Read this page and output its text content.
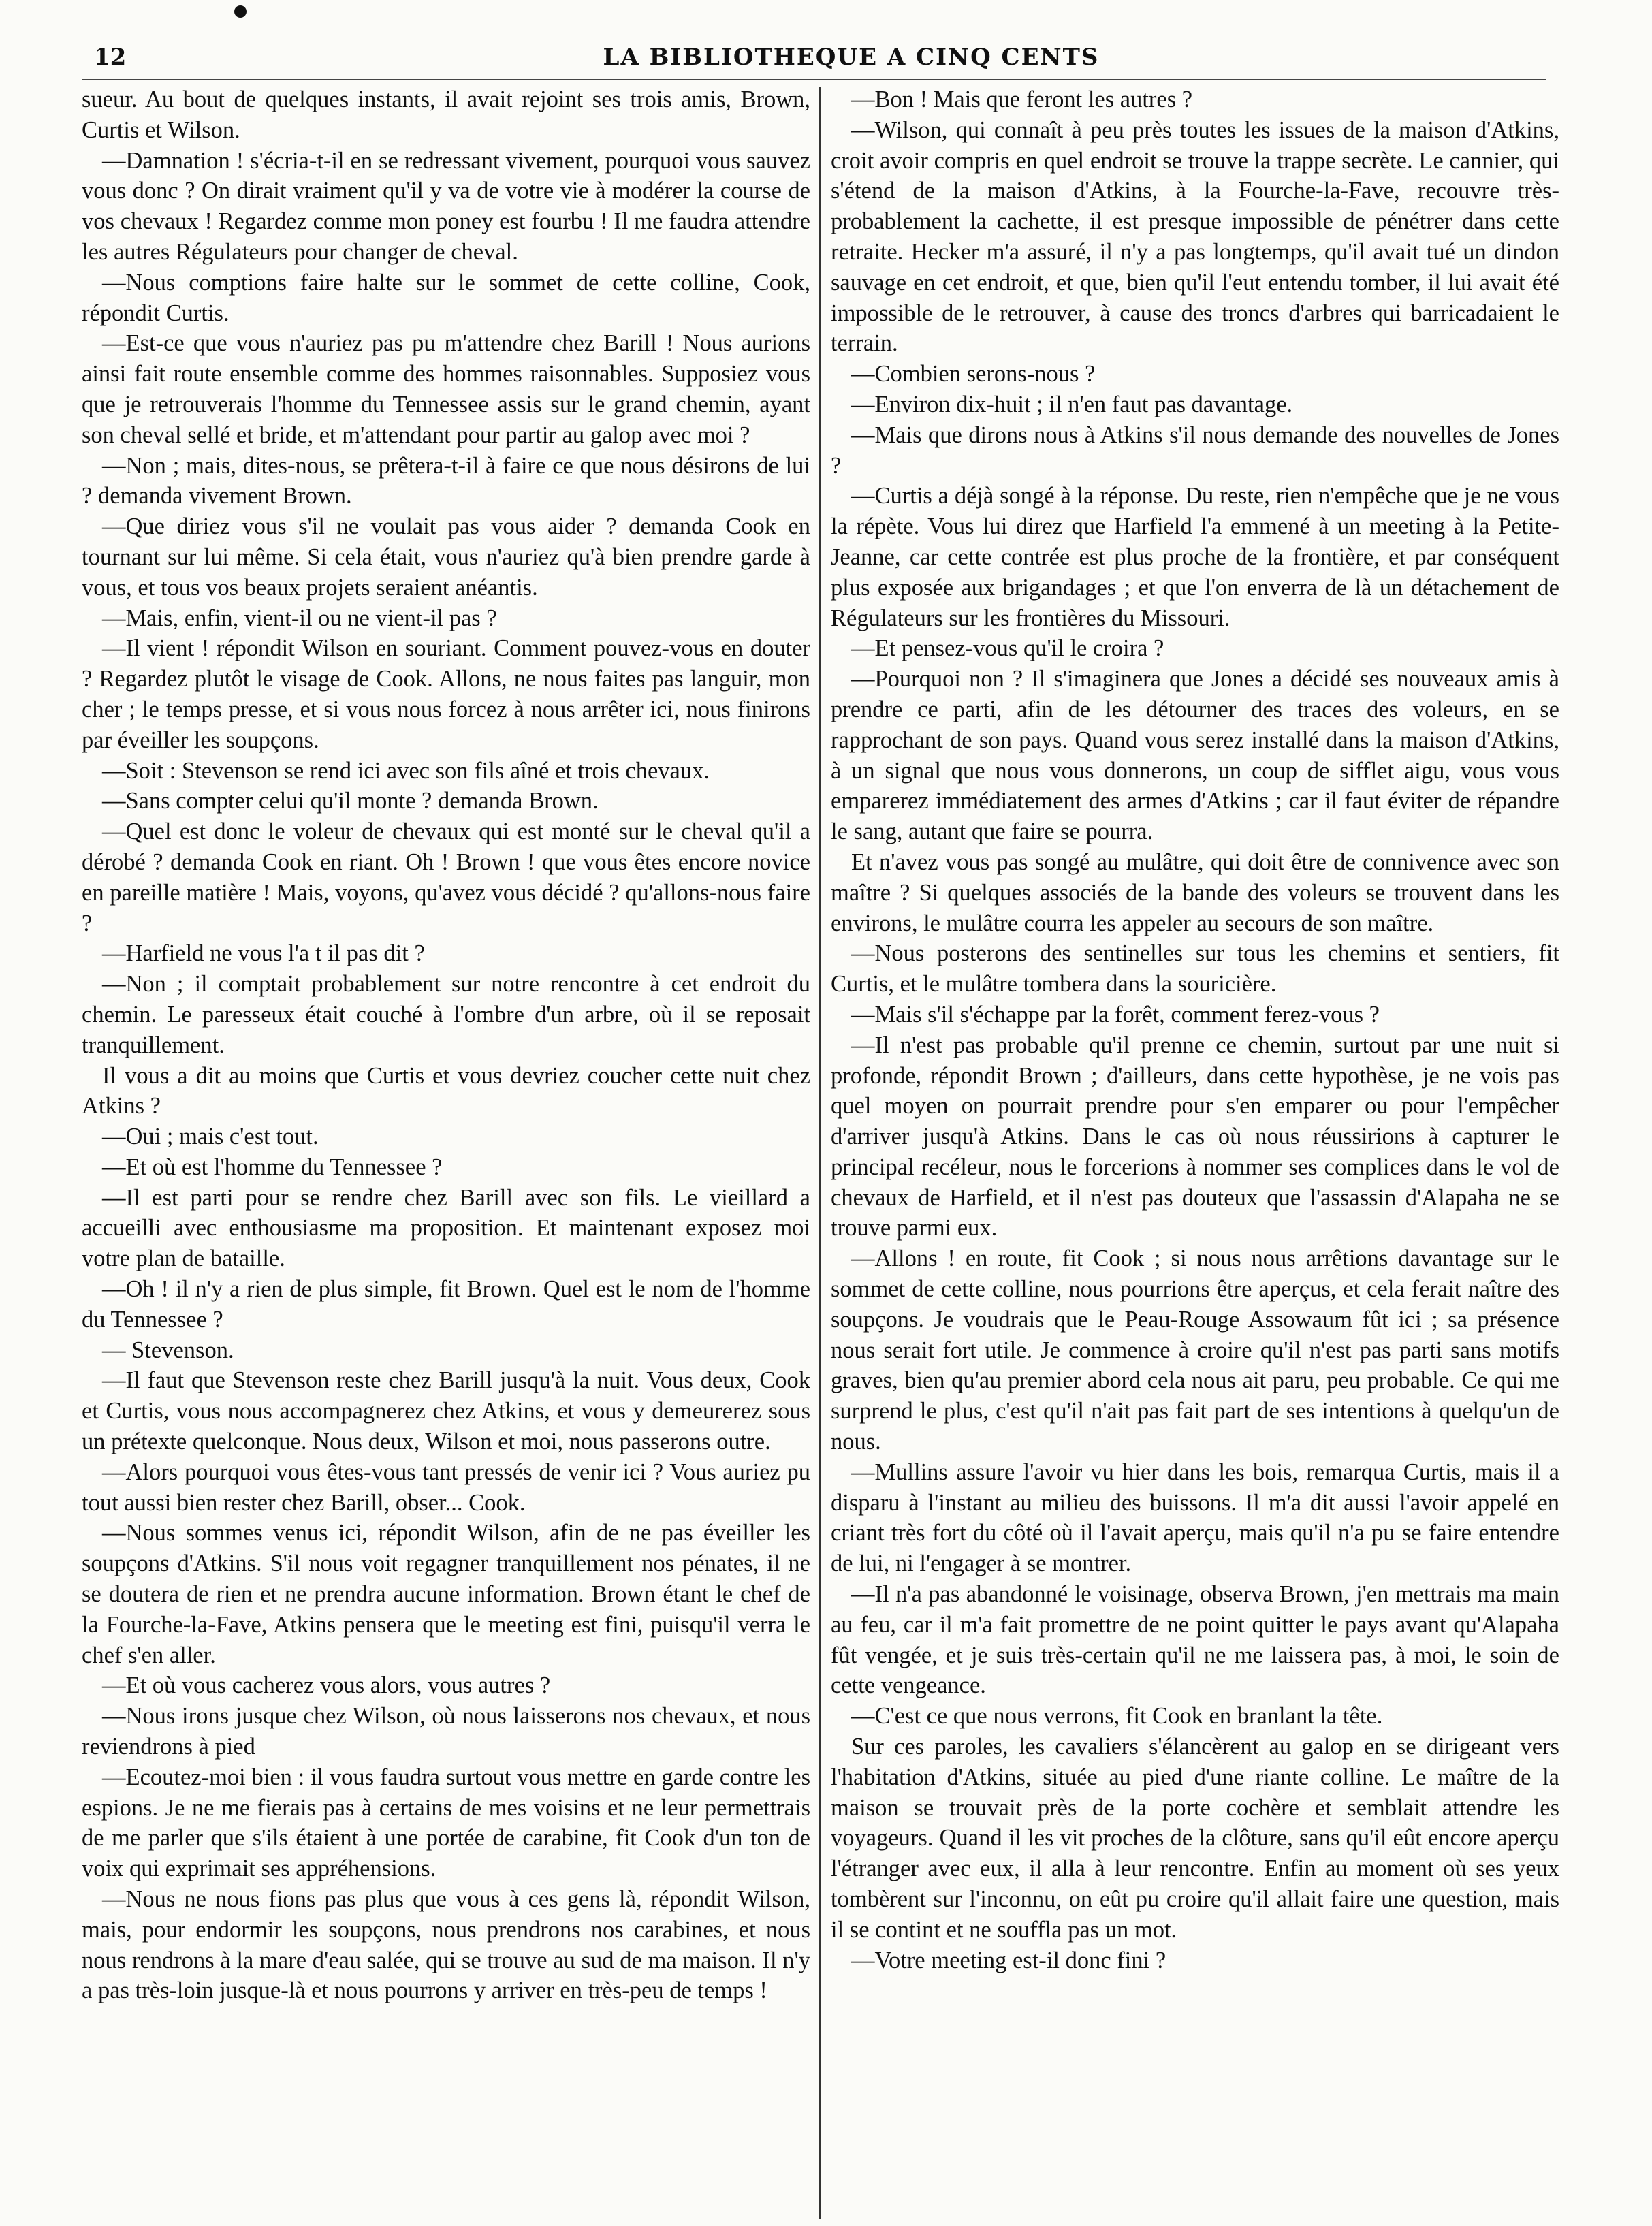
12	LA BIBLIOTHEQUE A CINQ CENTS

sueur. Au bout de quelques instants, il avait rejoint ses trois amis, Brown, Curtis et Wilson.

—Damnation ! s'écria-t-il en se redressant vivement, pourquoi vous sauvez vous donc ? On dirait vraiment qu'il y va de votre vie à modérer la course de vos chevaux ! Regardez comme mon poney est fourbu ! Il me faudra attendre les autres Régulateurs pour changer de cheval.

—Nous comptions faire halte sur le sommet de cette colline, Cook, répondit Curtis.

—Est-ce que vous n'auriez pas pu m'attendre chez Barill ! Nous aurions ainsi fait route ensemble comme des hommes raisonnables. Supposiez vous que je retrouverais l'homme du Tennessee assis sur le grand chemin, ayant son cheval sellé et bride, et m'attendant pour partir au galop avec moi ?

—Non ; mais, dites-nous, se prêtera-t-il à faire ce que nous désirons de lui ? demanda vivement Brown.

—Que diriez vous s'il ne voulait pas vous aider ? demanda Cook en tournant sur lui même. Si cela était, vous n'auriez qu'à bien prendre garde à vous, et tous vos beaux projets seraient anéantis.

—Mais, enfin, vient-il ou ne vient-il pas ?

—Il vient ! répondit Wilson en souriant. Comment pouvez-vous en douter ? Regardez plutôt le visage de Cook. Allons, ne nous faites pas languir, mon cher ; le temps presse, et si vous nous forcez à nous arrêter ici, nous finirons par éveiller les soupçons.

—Soit : Stevenson se rend ici avec son fils aîné et trois chevaux.

—Sans compter celui qu'il monte ? demanda Brown.

—Quel est donc le voleur de chevaux qui est monté sur le cheval qu'il a dérobé ? demanda Cook en riant. Oh ! Brown ! que vous êtes encore novice en pareille matière ! Mais, voyons, qu'avez vous décidé ? qu'allons-nous faire ?

—Harfield ne vous l'a t il pas dit ?

—Non ; il comptait probablement sur notre rencontre à cet endroit du chemin. Le paresseux était couché à l'ombre d'un arbre, où il se reposait tranquillement.

Il vous a dit au moins que Curtis et vous devriez coucher cette nuit chez Atkins ?

—Oui ; mais c'est tout.

—Et où est l'homme du Tennessee ?

—Il est parti pour se rendre chez Barill avec son fils. Le vieillard a accueilli avec enthousiasme ma proposition. Et maintenant exposez moi votre plan de bataille.

—Oh ! il n'y a rien de plus simple, fit Brown. Quel est le nom de l'homme du Tennessee ?

— Stevenson.

—Il faut que Stevenson reste chez Barill jusqu'à la nuit. Vous deux, Cook et Curtis, vous nous accompagnerez chez Atkins, et vous y demeurerez sous un prétexte quelconque. Nous deux, Wilson et moi, nous passerons outre.

—Alors pourquoi vous êtes-vous tant pressés de venir ici ? Vous auriez pu tout aussi bien rester chez Barill, obser... Cook.

—Nous sommes venus ici, répondit Wilson, afin de ne pas éveiller les soupçons d'Atkins. S'il nous voit regagner tranquillement nos pénates, il ne se doutera de rien et ne prendra aucune information. Brown étant le chef de la Fourche-la-Fave, Atkins pensera que le meeting est fini, puisqu'il verra le chef s'en aller.

—Et où vous cacherez vous alors, vous autres ?

—Nous irons jusque chez Wilson, où nous laisserons nos chevaux, et nous reviendrons à pied

—Ecoutez-moi bien : il vous faudra surtout vous mettre en garde contre les espions. Je ne me fierais pas à certains de mes voisins et ne leur permettrais de me parler que s'ils étaient à une portée de carabine, fit Cook d'un ton de voix qui exprimait ses appréhensions.

—Nous ne nous fions pas plus que vous à ces gens là, répondit Wilson, mais, pour endormir les soupçons, nous prendrons nos carabines, et nous nous rendrons à la mare d'eau salée, qui se trouve au sud de ma maison. Il n'y a pas très-loin jusque-là et nous pourrons y arriver en très-peu de temps !

—Bon ! Mais que feront les autres ?

—Wilson, qui connaît à peu près toutes les issues de la maison d'Atkins, croit avoir compris en quel endroit se trouve la trappe secrète. Le cannier, qui s'étend de la maison d'Atkins, à la Fourche-la-Fave, recouvre très-probablement la cachette, il est presque impossible de pénétrer dans cette retraite. Hecker m'a assuré, il n'y a pas longtemps, qu'il avait tué un dindon sauvage en cet endroit, et que, bien qu'il l'eut entendu tomber, il lui avait été impossible de le retrouver, à cause des troncs d'arbres qui barricadaient le terrain.

—Combien serons-nous ?

—Environ dix-huit ; il n'en faut pas davantage.

—Mais que dirons nous à Atkins s'il nous demande des nouvelles de Jones ?

—Curtis a déjà songé à la réponse. Du reste, rien n'empêche que je ne vous la répète. Vous lui direz que Harfield l'a emmené à un meeting à la Petite-Jeanne, car cette contrée est plus proche de la frontière, et par conséquent plus exposée aux brigandages ; et que l'on enverra de là un détachement de Régulateurs sur les frontières du Missouri.

—Et pensez-vous qu'il le croira ?

—Pourquoi non ? Il s'imaginera que Jones a décidé ses nouveaux amis à prendre ce parti, afin de les détourner des traces des voleurs, en se rapprochant de son pays. Quand vous serez installé dans la maison d'Atkins, à un signal que nous vous donnerons, un coup de sifflet aigu, vous vous emparerez immédiatement des armes d'Atkins ; car il faut éviter de répandre le sang, autant que faire se pourra.

Et n'avez vous pas songé au mulâtre, qui doit être de connivence avec son maître ? Si quelques associés de la bande des voleurs se trouvent dans les environs, le mulâtre courra les appeler au secours de son maître.

—Nous posterons des sentinelles sur tous les chemins et sentiers, fit Curtis, et le mulâtre tombera dans la souricière.

—Mais s'il s'échappe par la forêt, comment ferez-vous ?

—Il n'est pas probable qu'il prenne ce chemin, surtout par une nuit si profonde, répondit Brown ; d'ailleurs, dans cette hypothèse, je ne vois pas quel moyen on pourrait prendre pour s'en emparer ou pour l'empêcher d'arriver jusqu'à Atkins. Dans le cas où nous réussirions à capturer le principal recéleur, nous le forcerions à nommer ses complices dans le vol de chevaux de Harfield, et il n'est pas douteux que l'assassin d'Alapaha ne se trouve parmi eux.

—Allons ! en route, fit Cook ; si nous nous arrêtions davantage sur le sommet de cette colline, nous pourrions être aperçus, et cela ferait naître des soupçons. Je voudrais que le Peau-Rouge Assowaum fût ici ; sa présence nous serait fort utile. Je commence à croire qu'il n'est pas parti sans motifs graves, bien qu'au premier abord cela nous ait paru, peu probable. Ce qui me surprend le plus, c'est qu'il n'ait pas fait part de ses intentions à quelqu'un de nous.

—Mullins assure l'avoir vu hier dans les bois, remarqua Curtis, mais il a disparu à l'instant au milieu des buissons. Il m'a dit aussi l'avoir appelé en criant très fort du côté où il l'avait aperçu, mais qu'il n'a pu se faire entendre de lui, ni l'engager à se montrer.

—Il n'a pas abandonné le voisinage, observa Brown, j'en mettrais ma main au feu, car il m'a fait promettre de ne point quitter le pays avant qu'Alapaha fût vengée, et je suis très-certain qu'il ne me laissera pas, à moi, le soin de cette vengeance.

—C'est ce que nous verrons, fit Cook en branlant la tête.

Sur ces paroles, les cavaliers s'élancèrent au galop en se dirigeant vers l'habitation d'Atkins, située au pied d'une riante colline. Le maître de la maison se trouvait près de la porte cochère et semblait attendre les voyageurs. Quand il les vit proches de la clôture, sans qu'il eût encore aperçu l'étranger avec eux, il alla à leur rencontre. Enfin au moment où ses yeux tombèrent sur l'inconnu, on eût pu croire qu'il allait faire une question, mais il se contint et ne souffla pas un mot.

—Votre meeting est-il donc fini ?
